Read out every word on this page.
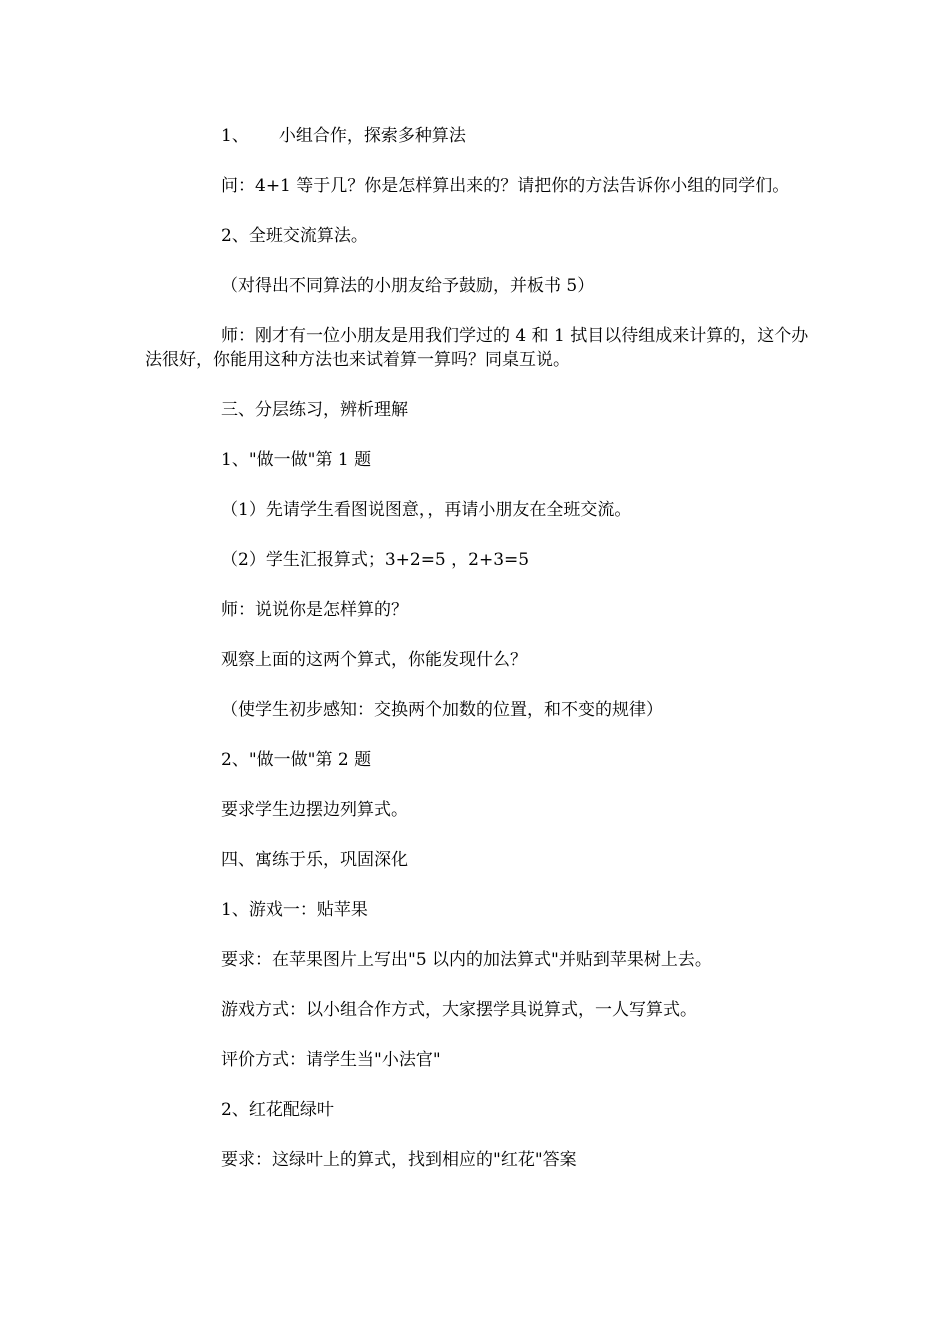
1、 小组合作，探索多种算法

问：4+1 等于几？你是怎样算出来的？请把你的方法告诉你小组的同学们。

2、全班交流算法。

（对得出不同算法的小朋友给予鼓励，并板书 5）

师：刚才有一位小朋友是用我们学过的 4 和 1 拭目以待组成来计算的，这个办法很好，你能用这种方法也来试着算一算吗？同桌互说。

三、分层练习，辨析理解

1、"做一做"第 1 题

（1）先请学生看图说图意，，再请小朋友在全班交流。

（2）学生汇报算式；3+2=5 ，2+3=5

师：说说你是怎样算的？

观察上面的这两个算式，你能发现什么？

（使学生初步感知：交换两个加数的位置，和不变的规律）

2、"做一做"第 2 题

要求学生边摆边列算式。

四、寓练于乐，巩固深化

1、游戏一：贴苹果

要求：在苹果图片上写出"5 以内的加法算式"并贴到苹果树上去。

游戏方式：以小组合作方式，大家摆学具说算式，一人写算式。

评价方式：请学生当"小法官"

2、红花配绿叶

要求：这绿叶上的算式，找到相应的"红花"答案
